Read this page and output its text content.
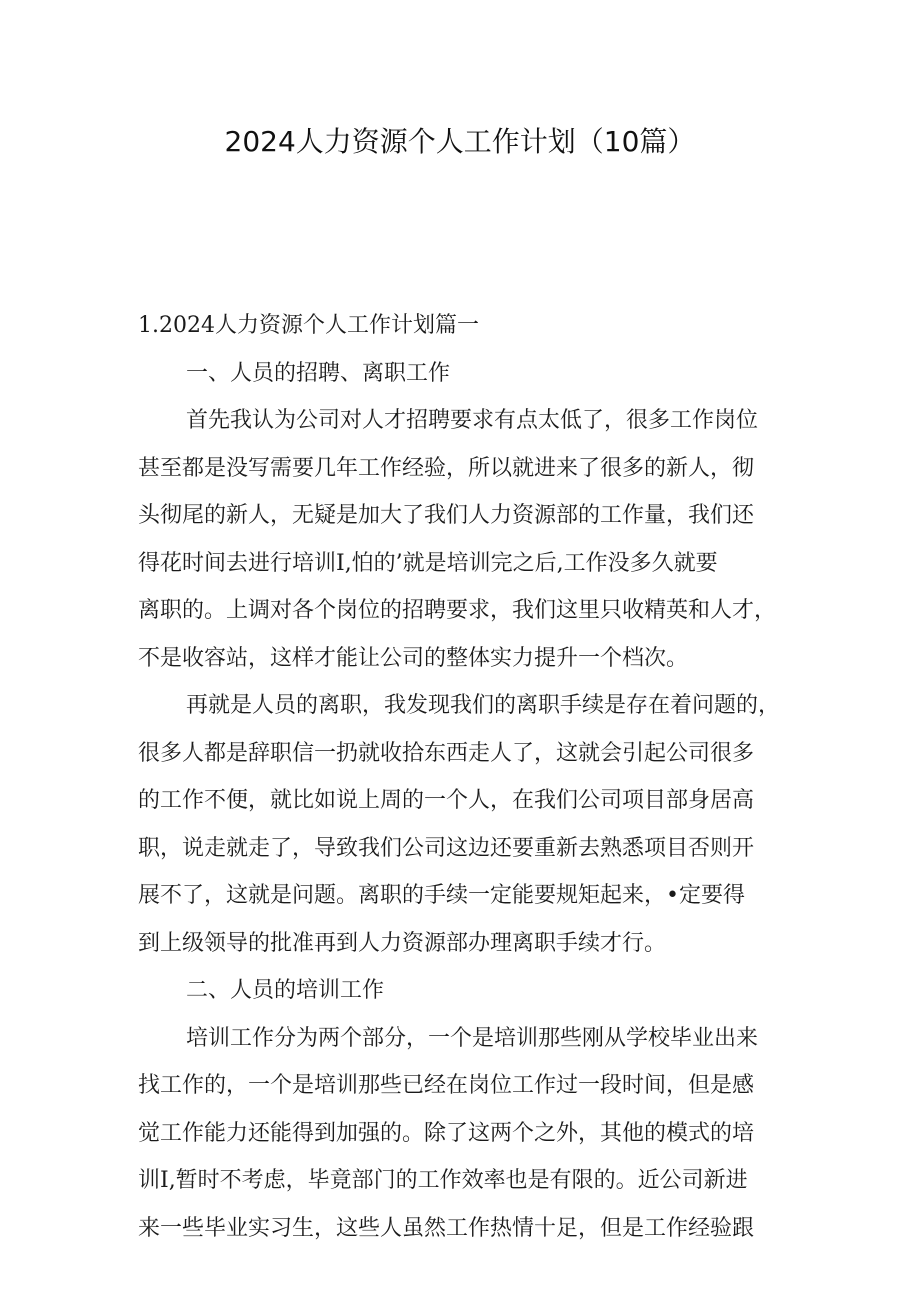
2024人力资源个人工作计划（10篇）
1.2024人力资源个人工作计划篇一
一、人员的招聘、离职工作
首先我认为公司对人才招聘要求有点太低了，很多工作岗位
甚至都是没写需要几年工作经验，所以就进来了很多的新人，彻
头彻尾的新人，无疑是加大了我们人力资源部的工作量，我们还
得花时间去进行培训I,怕的’就是培训完之后,工作没多久就要
离职的。上调对各个岗位的招聘要求，我们这里只收精英和人才，
不是收容站，这样才能让公司的整体实力提升一个档次。
再就是人员的离职，我发现我们的离职手续是存在着问题的，
很多人都是辞职信一扔就收拾东西走人了，这就会引起公司很多
的工作不便，就比如说上周的一个人，在我们公司项目部身居高
职，说走就走了，导致我们公司这边还要重新去熟悉项目否则开
展不了，这就是问题。离职的手续一定能要规矩起来，•定要得
到上级领导的批准再到人力资源部办理离职手续才行。
二、人员的培训工作
培训工作分为两个部分，一个是培训那些刚从学校毕业出来
找工作的，一个是培训那些已经在岗位工作过一段时间，但是感
觉工作能力还能得到加强的。除了这两个之外，其他的模式的培
训I,暂时不考虑，毕竟部门的工作效率也是有限的。近公司新进
来一些毕业实习生，这些人虽然工作热情十足，但是工作经验跟
